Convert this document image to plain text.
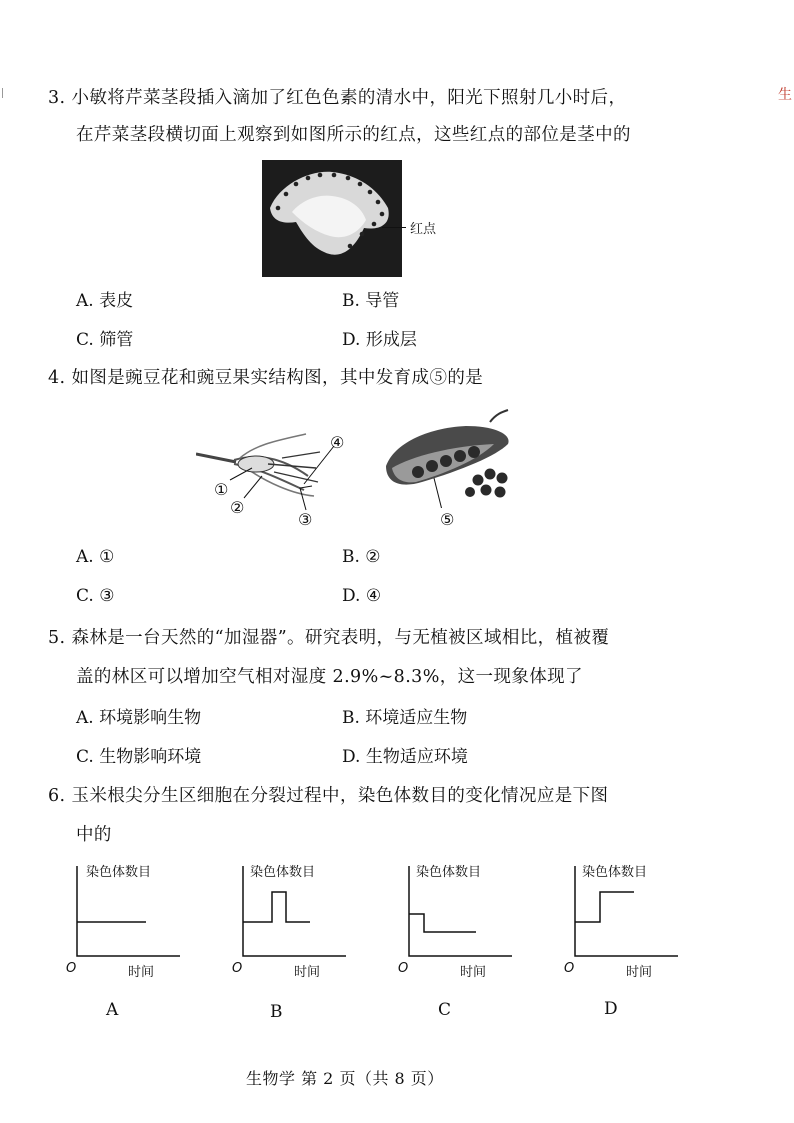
生
3. 小敏将芹菜茎段插入滴加了红色色素的清水中，阳光下照射几小时后，
在芹菜茎段横切面上观察到如图所示的红点，这些红点的部位是茎中的
红点
A. 表皮	B. 导管
C. 筛管	D. 形成层
4. 如图是豌豆花和豌豆果实结构图，其中发育成⑤的是
①
②
③
④
⑤
A. ①	B. ②
C. ③	D. ④
5. 森林是一台天然的“加湿器”。研究表明，与无植被区域相比，植被覆
盖的林区可以增加空气相对湿度 2.9%~8.3%，这一现象体现了
A. 环境影响生物	B. 环境适应生物
C. 生物影响环境	D. 生物适应环境
6. 玉米根尖分生区细胞在分裂过程中，染色体数目的变化情况应是下图
中的
染色体数目
O	时间
A
染色体数目
O	时间
B
染色体数目
O	时间
C
染色体数目
O	时间
D
生物学 第 2 页（共 8 页）
